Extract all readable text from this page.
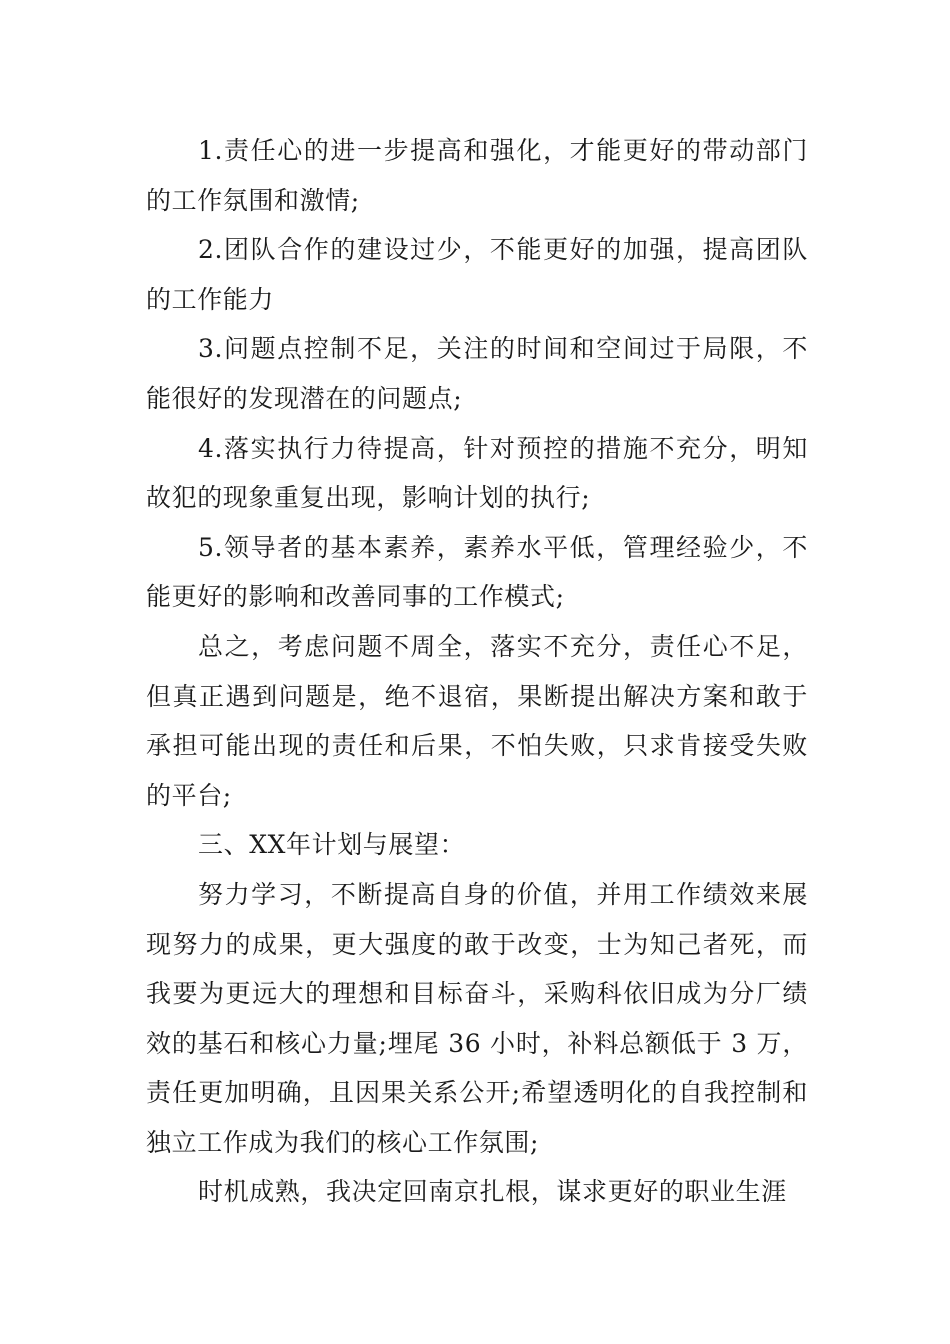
1.责任心的进一步提高和强化，才能更好的带动部门的工作氛围和激情;

2.团队合作的建设过少，不能更好的加强，提高团队的工作能力

3.问题点控制不足，关注的时间和空间过于局限，不能很好的发现潜在的问题点;

4.落实执行力待提高，针对预控的措施不充分，明知故犯的现象重复出现，影响计划的执行;

5.领导者的基本素养，素养水平低，管理经验少，不能更好的影响和改善同事的工作模式;

总之，考虑问题不周全，落实不充分，责任心不足，但真正遇到问题是，绝不退宿，果断提出解决方案和敢于承担可能出现的责任和后果，不怕失败，只求肯接受失败的平台;

三、XX年计划与展望：

努力学习，不断提高自身的价值，并用工作绩效来展现努力的成果，更大强度的敢于改变，士为知己者死，而我要为更远大的理想和目标奋斗，采购科依旧成为分厂绩效的基石和核心力量;埋尾 36 小时，补料总额低于 3 万，责任更加明确，且因果关系公开;希望透明化的自我控制和独立工作成为我们的核心工作氛围;

时机成熟，我决定回南京扎根，谋求更好的职业生涯
